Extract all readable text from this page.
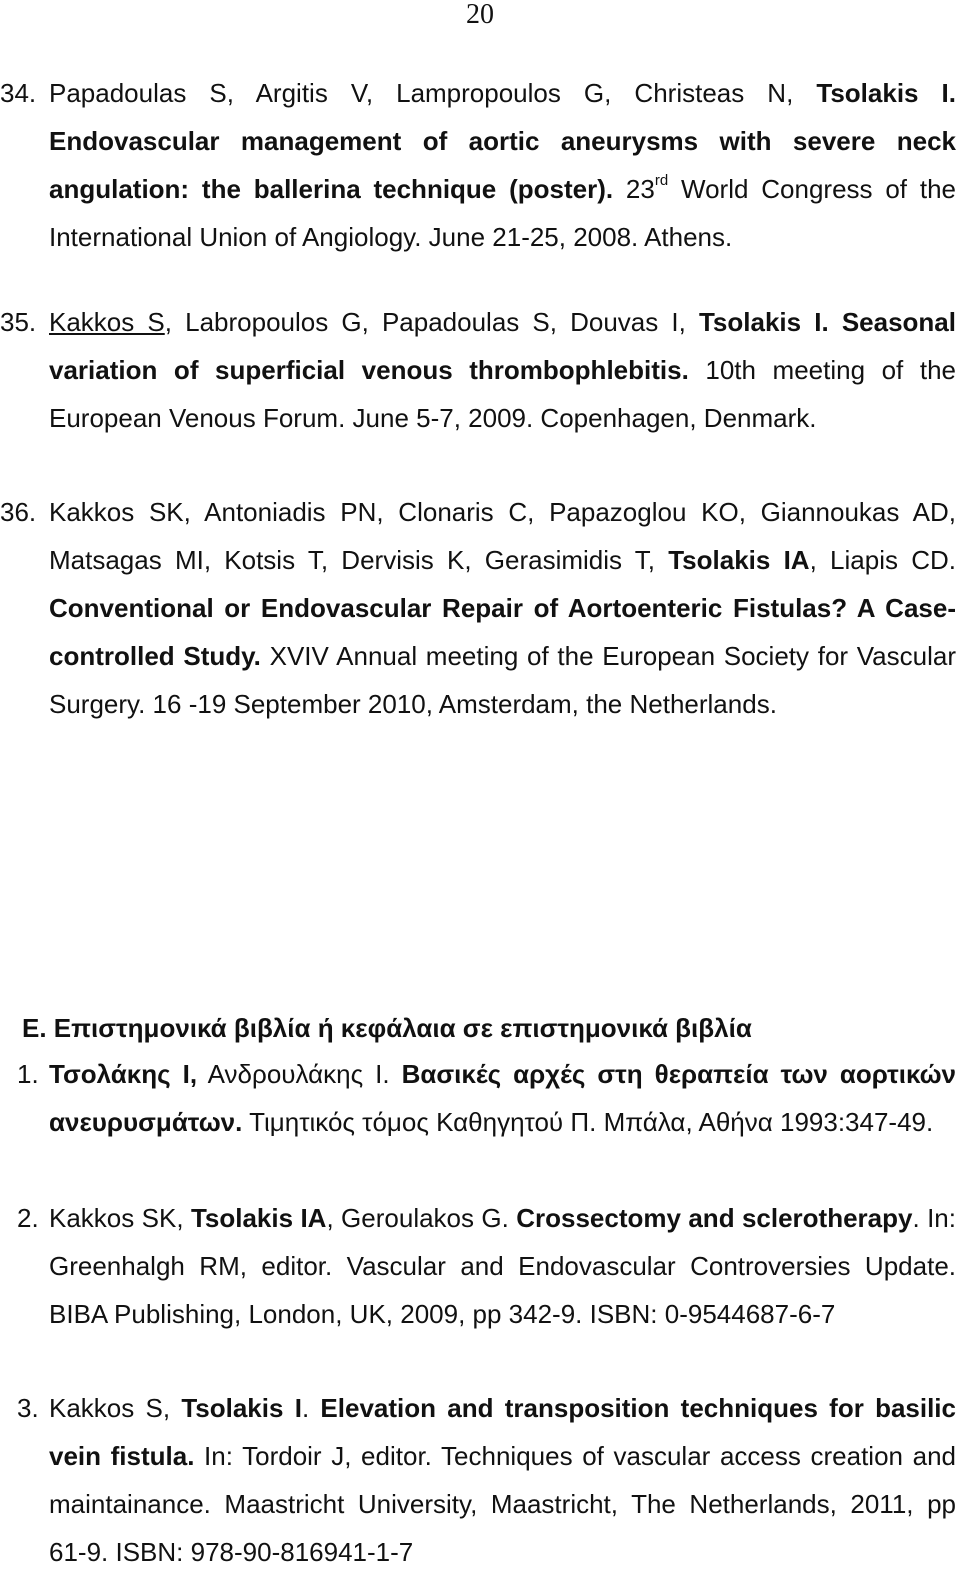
20
34. Papadoulas S, Argitis V, Lampropoulos G, Christeas N, Tsolakis I. Endovascular management of aortic aneurysms with severe neck angulation: the ballerina technique (poster). 23rd World Congress of the International Union of Angiology. June 21-25, 2008. Athens.
35. Kakkos S, Labropoulos G, Papadoulas S, Douvas I, Tsolakis I. Seasonal variation of superficial venous thrombophlebitis. 10th meeting of the European Venous Forum. June 5-7, 2009. Copenhagen, Denmark.
36. Kakkos SK, Antoniadis PN, Clonaris C, Papazoglou KO, Giannoukas AD, Matsagas MI, Kotsis T, Dervisis K, Gerasimidis T, Tsolakis IA, Liapis CD. Conventional or Endovascular Repair of Aortoenteric Fistulas? A Case-controlled Study. XVIV Annual meeting of the European Society for Vascular Surgery. 16 -19 September 2010, Amsterdam, the Netherlands.
Ε. Επιστημονικά βιβλία ή κεφάλαια σε επιστημονικά βιβλία
1. Τσολάκης Ι, Ανδρουλάκης Ι. Βασικές αρχές στη θεραπεία των αορτικών ανευρυσμάτων. Τιμητικός τόμος Καθηγητού Π. Μπάλα, Αθήνα 1993:347-49.
2. Kakkos SK, Tsolakis IA, Geroulakos G. Crossectomy and sclerotherapy. In: Greenhalgh RM, editor. Vascular and Endovascular Controversies Update. BIBA Publishing, London, UK, 2009, pp 342-9. ISBN: 0-9544687-6-7
3. Kakkos S, Tsolakis I. Elevation and transposition techniques for basilic vein fistula. In: Tordoir J, editor. Techniques of vascular access creation and maintainance. Maastricht University, Maastricht, The Netherlands, 2011, pp 61-9. ISBN: 978-90-816941-1-7
